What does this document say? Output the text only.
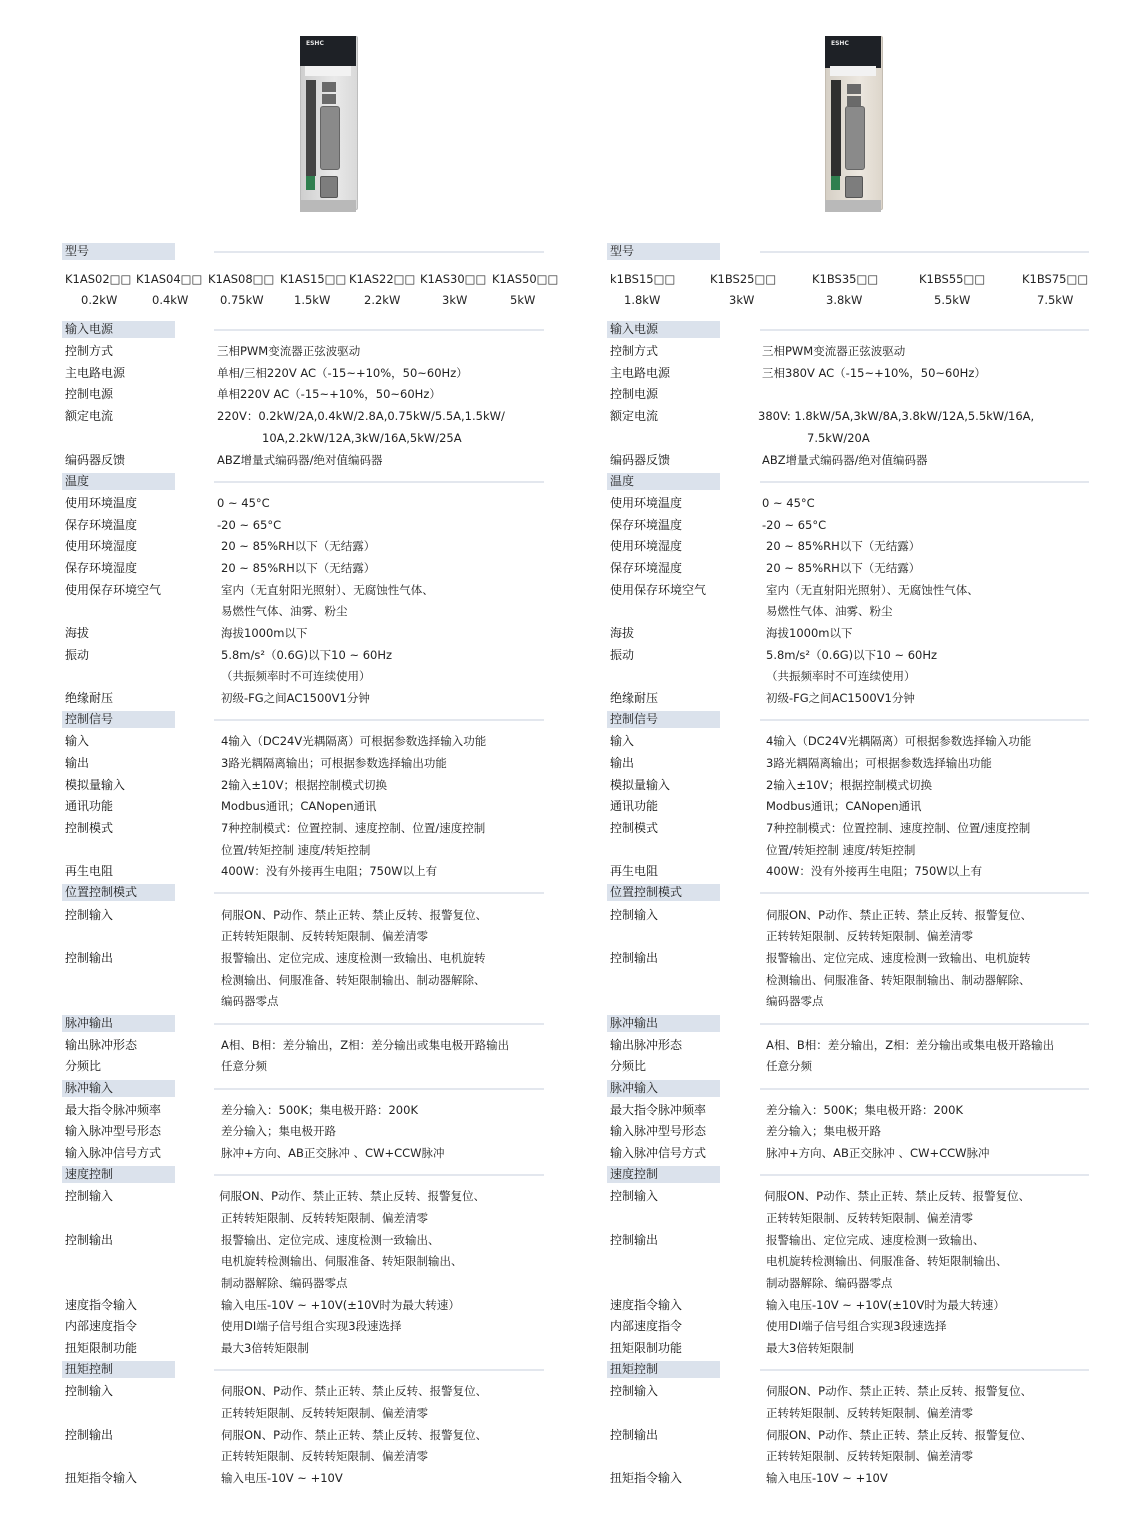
ESHC
型号
K1AS02□□ K1AS04□□ K1AS08□□ K1AS15□□ K1AS22□□ K1AS30□□ K1AS50□□
0.2kW	0.4kW	0.75kW	1.5kW	2.2kW	3kW	5kW
输入电源
控制方式	三相PWM变流器正弦波驱动
主电路电源	单相/三相220V AC（-15~+10%，50~60Hz）
控制电源	单相220V AC（-15~+10%，50~60Hz）
额定电流	220V：0.2kW/2A,0.4kW/2.8A,0.75kW/5.5A,1.5kW/
10A,2.2kW/12A,3kW/16A,5kW/25A
编码器反馈	ABZ增量式编码器/绝对值编码器
温度
使用环境温度	0 ~ 45°C
保存环境温度	-20 ~ 65°C
使用环境湿度	20 ~ 85%RH以下（无结露）
保存环境湿度	20 ~ 85%RH以下（无结露）
使用保存环境空气	室内（无直射阳光照射）、无腐蚀性气体、
易燃性气体、油雾、粉尘
海拔	海拔1000m以下
振动	5.8m/s²（0.6G)以下10 ~ 60Hz
（共振频率时不可连续使用）
绝缘耐压	初级-FG之间AC1500V1分钟
控制信号
输入	4输入（DC24V光耦隔离）可根据参数选择输入功能
输出	3路光耦隔离输出；可根据参数选择输出功能
模拟量输入	2输入±10V；根据控制模式切换
通讯功能	Modbus通讯；CANopen通讯
控制模式	7种控制模式：位置控制、速度控制、位置/速度控制
位置/转矩控制 速度/转矩控制
再生电阻	400W：没有外接再生电阻；750W以上有
位置控制模式
控制输入	伺服ON、P动作、禁止正转、禁止反转、报警复位、
正转转矩限制、反转转矩限制、偏差清零
控制输出	报警输出、定位完成、速度检测一致输出、电机旋转
检测输出、伺服准备、转矩限制输出、制动器解除、
编码器零点
脉冲输出
输出脉冲形态	A相、B相：差分输出，Z相：差分输出或集电极开路输出
分频比	任意分频
脉冲输入
最大指令脉冲频率	差分输入：500K；集电极开路：200K
输入脉冲型号形态	差分输入；集电极开路
输入脉冲信号方式	脉冲+方向、AB正交脉冲 、CW+CCW脉冲
速度控制
控制输入	伺服ON、P动作、禁止正转、禁止反转、报警复位、
正转转矩限制、反转转矩限制、偏差清零
控制输出	报警输出、定位完成、速度检测一致输出、
电机旋转检测输出、伺服准备、转矩限制输出、
制动器解除、编码器零点
速度指令输入	输入电压-10V ~ +10V(±10V时为最大转速）
内部速度指令	使用DI端子信号组合实现3段速选择
扭矩限制功能	最大3倍转矩限制
扭矩控制
控制输入	伺服ON、P动作、禁止正转、禁止反转、报警复位、
正转转矩限制、反转转矩限制、偏差清零
控制输出	伺服ON、P动作、禁止正转、禁止反转、报警复位、
正转转矩限制、反转转矩限制、偏差清零
扭矩指令输入	输入电压-10V ~ +10V
ESHC
型号
k1BS15□□	K1BS25□□	K1BS35□□	K1BS55□□	K1BS75□□
1.8kW	3kW	3.8kW	5.5kW	7.5kW
输入电源
控制方式	三相PWM变流器正弦波驱动
主电路电源	三相380V AC（-15~+10%，50~60Hz）
控制电源
额定电流	380V: 1.8kW/5A,3kW/8A,3.8kW/12A,5.5kW/16A,
7.5kW/20A
编码器反馈	ABZ增量式编码器/绝对值编码器
温度
使用环境温度	0 ~ 45°C
保存环境温度	-20 ~ 65°C
使用环境湿度	20 ~ 85%RH以下（无结露）
保存环境湿度	20 ~ 85%RH以下（无结露）
使用保存环境空气	室内（无直射阳光照射）、无腐蚀性气体、
易燃性气体、油雾、粉尘
海拔	海拔1000m以下
振动	5.8m/s²（0.6G)以下10 ~ 60Hz
（共振频率时不可连续使用）
绝缘耐压	初级-FG之间AC1500V1分钟
控制信号
输入	4输入（DC24V光耦隔离）可根据参数选择输入功能
输出	3路光耦隔离输出；可根据参数选择输出功能
模拟量输入	2输入±10V；根据控制模式切换
通讯功能	Modbus通讯；CANopen通讯
控制模式	7种控制模式：位置控制、速度控制、位置/速度控制
位置/转矩控制 速度/转矩控制
再生电阻	400W：没有外接再生电阻；750W以上有
位置控制模式
控制输入	伺服ON、P动作、禁止正转、禁止反转、报警复位、
正转转矩限制、反转转矩限制、偏差清零
控制输出	报警输出、定位完成、速度检测一致输出、电机旋转
检测输出、伺服准备、转矩限制输出、制动器解除、
编码器零点
脉冲输出
输出脉冲形态	A相、B相：差分输出，Z相：差分输出或集电极开路输出
分频比	任意分频
脉冲输入
最大指令脉冲频率	差分输入：500K；集电极开路：200K
输入脉冲型号形态	差分输入；集电极开路
输入脉冲信号方式	脉冲+方向、AB正交脉冲 、CW+CCW脉冲
速度控制
控制输入	伺服ON、P动作、禁止正转、禁止反转、报警复位、
正转转矩限制、反转转矩限制、偏差清零
控制输出	报警输出、定位完成、速度检测一致输出、
电机旋转检测输出、伺服准备、转矩限制输出、
制动器解除、编码器零点
速度指令输入	输入电压-10V ~ +10V(±10V时为最大转速）
内部速度指令	使用DI端子信号组合实现3段速选择
扭矩限制功能	最大3倍转矩限制
扭矩控制
控制输入	伺服ON、P动作、禁止正转、禁止反转、报警复位、
正转转矩限制、反转转矩限制、偏差清零
控制输出	伺服ON、P动作、禁止正转、禁止反转、报警复位、
正转转矩限制、反转转矩限制、偏差清零
扭矩指令输入	输入电压-10V ~ +10V
